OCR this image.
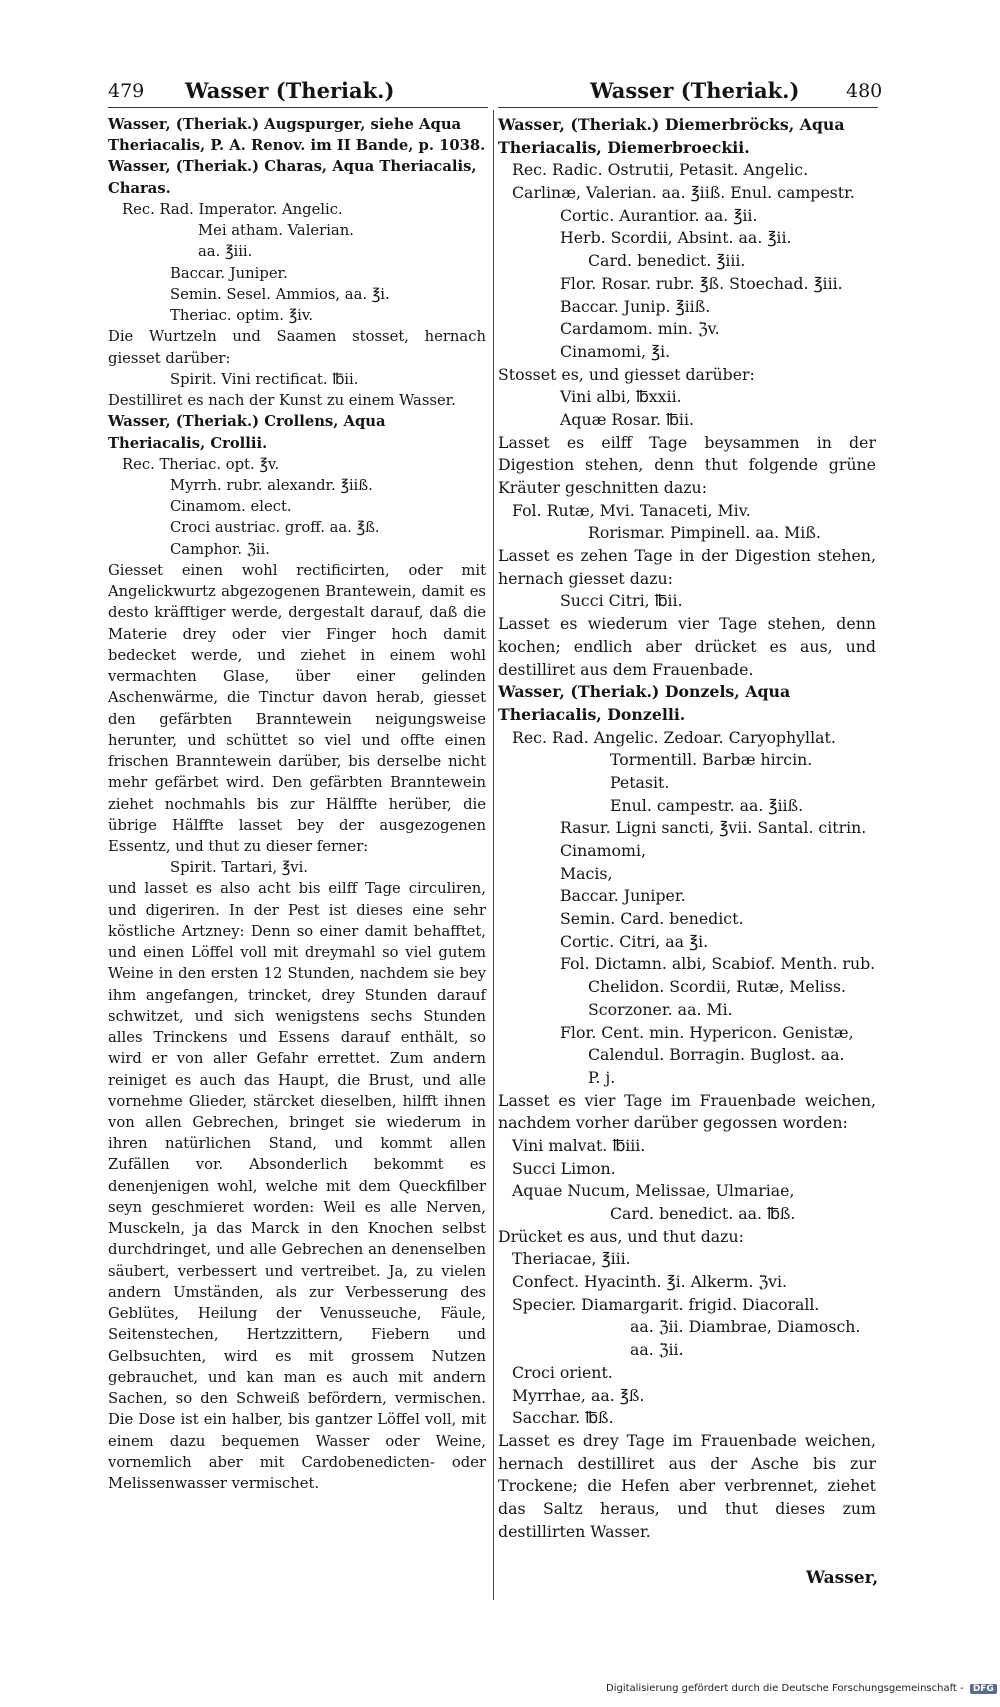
479 Wasser (Theriak.)	Wasser (Theriak.) 480
Wasser, (Theriak.) Augspurger, siehe Aqua Theriacalis, P. A. Renov. im II Bande, p. 1038.
Wasser, (Theriak.) Charas, Aqua Theriacalis, Charas.
Rec. Rad. Imperator. Angelic.
Mei atham. Valerian.
aa. ℥iii.
Baccar. Juniper.
Semin. Sesel. Ammios, aa. ℥i.
Theriac. optim. ℥iv.
Die Wurtzeln und Saamen stosset, hernach giesset darüber:
Spirit. Vini rectificat. ℔ii.
Destilliret es nach der Kunst zu einem Wasser.
Wasser, (Theriak.) Crollens, Aqua Theriacalis, Crollii.
Rec. Theriac. opt. ℥v.
Myrrh. rubr. alexandr. ℥iiß.
Cinamom. elect.
Croci austriac. groff. aa. ℥ß.
Camphor. ℨii.
Giesset einen wohl rectificirten, oder mit Angelickwurtz abgezogenen Brantewein, damit es desto kräfftiger werde, dergestalt darauf, daß die Materie drey oder vier Finger hoch damit bedecket werde, und ziehet in einem wohl vermachten Glase, über einer gelinden Aschenwärme, die Tinctur davon herab, giesset den gefärbten Branntewein neigungsweise herunter, und schüttet so viel und offte einen frischen Branntewein darüber, bis derselbe nicht mehr gefärbet wird. Den gefärbten Branntewein ziehet nochmahls bis zur Hälffte herüber, die übrige Hälffte lasset bey der ausgezogenen Essentz, und thut zu dieser ferner:
Spirit. Tartari, ℥vi.
und lasset es also acht bis eilff Tage circuliren, und digeriren. In der Pest ist dieses eine sehr köstliche Artzney: Denn so einer damit behafftet, und einen Löffel voll mit dreymahl so viel gutem Weine in den ersten 12 Stunden, nachdem sie bey ihm angefangen, trincket, drey Stunden darauf schwitzet, und sich wenigstens sechs Stunden alles Trinckens und Essens darauf enthält, so wird er von aller Gefahr errettet. Zum andern reiniget es auch das Haupt, die Brust, und alle vornehme Glieder, stärcket dieselben, hilfft ihnen von allen Gebrechen, bringet sie wiederum in ihren natürlichen Stand, und kommt allen Zufällen vor. Absonderlich bekommt es denenjenigen wohl, welche mit dem Queckfilber seyn geschmieret worden: Weil es alle Nerven, Musckeln, ja das Marck in den Knochen selbst durchdringet, und alle Gebrechen an denenselben säubert, verbessert und vertreibet. Ja, zu vielen andern Umständen, als zur Verbesserung des Geblütes, Heilung der Venusseuche, Fäule, Seitenstechen, Hertzzittern, Fiebern und Gelbsuchten, wird es mit grossem Nutzen gebrauchet, und kan man es auch mit andern Sachen, so den Schweiß befördern, vermischen. Die Dose ist ein halber, bis gantzer Löffel voll, mit einem dazu bequemen Wasser oder Weine, vornemlich aber mit Cardobenedicten- oder Melissenwasser vermischet.
Wasser, (Theriak.) Diemerbröcks, Aqua Theriacalis, Diemerbroeckii.
Rec. Radic. Ostrutii, Petasit. Angelic. Carlinæ, Valerian. aa. ℥iiß. Enul. campestr.
Cortic. Aurantior. aa. ℥ii.
Herb. Scordii, Absint. aa. ℥ii.
Card. benedict. ℥iii.
Flor. Rosar. rubr. ℥ß. Stoechad. ℥iii.
Baccar. Junip. ℥iiß.
Cardamom. min. ℨv.
Cinamomi, ℥i.
Stosset es, und giesset darüber:
Vini albi, ℔xxii.
Aquæ Rosar. ℔ii.
Lasset es eilff Tage beysammen in der Digestion stehen, denn thut folgende grüne Kräuter geschnitten dazu:
Fol. Rutæ, Mvi. Tanaceti, Miv.
Rorismar. Pimpinell. aa. Miß.
Lasset es zehen Tage in der Digestion stehen, hernach giesset dazu:
Succi Citri, ℔ii.
Lasset es wiederum vier Tage stehen, denn kochen; endlich aber drücket es aus, und destilliret aus dem Frauenbade.
Wasser, (Theriak.) Donzels, Aqua Theriacalis, Donzelli.
Rec. Rad. Angelic. Zedoar. Caryophyllat.
Tormentill. Barbæ hircin. Petasit.
Enul. campestr. aa. ℥iiß.
Rasur. Ligni sancti, ℥vii. Santal. citrin.
Cinamomi,
Macis,
Baccar. Juniper.
Semin. Card. benedict.
Cortic. Citri, aa ℥i.
Fol. Dictamn. albi, Scabiof. Menth. rub.
Chelidon. Scordii, Rutæ, Meliss.
Scorzoner. aa. Mi.
Flor. Cent. min. Hypericon. Genistæ,
Calendul. Borragin. Buglost. aa.
P. j.
Lasset es vier Tage im Frauenbade weichen, nachdem vorher darüber gegossen worden:
Vini malvat. ℔iii.
Succi Limon.
Aquae Nucum, Melissae, Ulmariae,
Card. benedict. aa. ℔ß.
Drücket es aus, und thut dazu:
Theriacae, ℥iii.
Confect. Hyacinth. ℥i. Alkerm. ℨvi.
Specier. Diamargarit. frigid. Diacorall.
aa. ℨii. Diambrae, Diamosch.
aa. ℨii.
Croci orient.
Myrrhae, aa. ℥ß.
Sacchar. ℔ß.
Lasset es drey Tage im Frauenbade weichen, hernach destilliret aus der Asche bis zur Trockene; die Hefen aber verbrennet, ziehet das Saltz heraus, und thut dieses zum destillirten Wasser.
Wasser,
Digitalisierung gefördert durch die Deutsche Forschungsgemeinschaft - DFG
